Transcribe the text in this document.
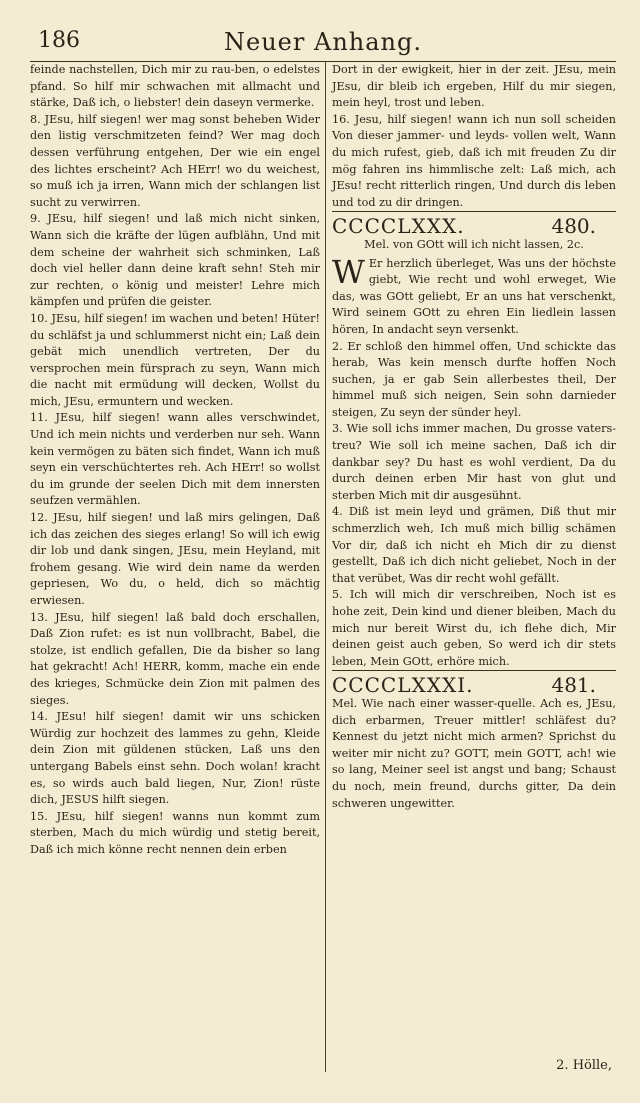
186	Neuer Anhang.

feinde nachstellen, Dich mir zu rau-ben, o edelstes pfand. So hilf mir schwachen mit allmacht und stärke, Daß ich, o liebster! dein daseyn vermerke.

8. JEsu, hilf siegen! wer mag sonst beheben Wider den listig verschmitzeten feind? Wer mag doch dessen verführung entgehen, Der wie ein engel des lichtes erscheint? Ach HErr! wo du weichest, so muß ich ja irren, Wann mich der schlangen list sucht zu verwirren.

9. JEsu, hilf siegen! und laß mich nicht sinken, Wann sich die kräfte der lügen aufblähn, Und mit dem scheine der wahrheit sich schminken, Laß doch viel heller dann deine kraft sehn! Steh mir zur rechten, o könig und meister! Lehre mich kämpfen und prüfen die geister.

10. JEsu, hilf siegen! im wachen und beten! Hüter! du schläfst ja und schlummerst nicht ein; Laß dein gebät mich unendlich vertreten, Der du versprochen mein fürsprach zu seyn, Wann mich die nacht mit ermüdung will decken, Wollst du mich, JEsu, ermuntern und wecken.

11. JEsu, hilf siegen! wann alles verschwindet, Und ich mein nichts und verderben nur seh. Wann kein vermögen zu bäten sich findet, Wann ich muß seyn ein verschüchtertes reh. Ach HErr! so wollst du im grunde der seelen Dich mit dem innersten seufzen vermählen.

12. JEsu, hilf siegen! und laß mirs gelingen, Daß ich das zeichen des sieges erlang! So will ich ewig dir lob und dank singen, JEsu, mein Heyland, mit frohem gesang. Wie wird dein name da werden gepriesen, Wo du, o held, dich so mächtig erwiesen.

13. JEsu, hilf siegen! laß bald doch erschallen, Daß Zion rufet: es ist nun vollbracht, Babel, die stolze, ist endlich gefallen, Die da bisher so lang hat gekracht! Ach! HERR, komm, mache ein ende des krieges, Schmücke dein Zion mit palmen des sieges.

14. JEsu! hilf siegen! damit wir uns schicken Würdig zur hochzeit des lammes zu gehn, Kleide dein Zion mit güldenen stücken, Laß uns den untergang Babels einst sehn. Doch wolan! kracht es, so wirds auch bald liegen, Nur, Zion! rüste dich, JESUS hilft siegen.

15. JEsu, hilf siegen! wanns nun kommt zum sterben, Mach du mich würdig und stetig bereit, Daß ich mich könne recht nennen dein erben

Dort in der ewigkeit, hier in der zeit. JEsu, mein JEsu, dir bleib ich ergeben, Hilf du mir siegen, mein heyl, trost und leben.

16. Jesu, hilf siegen! wann ich nun soll scheiden Von dieser jammer- und leyds- vollen welt, Wann du mich rufest, gieb, daß ich mit freuden Zu dir mög fahren ins himmlische zelt: Laß mich, ach JEsu! recht ritterlich ringen, Und durch dis leben und tod zu dir dringen.

CCCCLXXX.	480.

Mel. von GOtt will ich nicht lassen, 2c.

W Er herzlich überleget, Was uns der höchste giebt, Wie recht und wohl erweget, Wie das, was GOtt geliebt, Er an uns hat verschenkt, Wird seinem GOtt zu ehren Ein liedlein lassen hören, In andacht seyn versenkt.

2. Er schloß den himmel offen, Und schickte das herab, Was kein mensch durfte hoffen Noch suchen, ja er gab Sein allerbestes theil, Der himmel muß sich neigen, Sein sohn darnieder steigen, Zu seyn der sünder heyl.

3. Wie soll ichs immer machen, Du grosse vaters-treu? Wie soll ich meine sachen, Daß ich dir dankbar sey? Du hast es wohl verdient, Da du durch deinen erben Mir hast von glut und sterben Mich mit dir ausgesühnt.

4. Diß ist mein leyd und grämen, Diß thut mir schmerzlich weh, Ich muß mich billig schämen Vor dir, daß ich nicht eh Mich dir zu dienst gestellt, Daß ich dich nicht geliebet, Noch in der that verübet, Was dir recht wohl gefällt.

5. Ich will mich dir verschreiben, Noch ist es hohe zeit, Dein kind und diener bleiben, Mach du mich nur bereit Wirst du, ich flehe dich, Mir deinen geist auch geben, So werd ich dir stets leben, Mein GOtt, erhöre mich.

CCCCLXXXI.	481.

Mel. Wie nach einer wasser-quelle. Ach es, JEsu, dich erbarmen, Treuer mittler! schläfest du? Kennest du jetzt nicht mich armen? Sprichst du weiter mir nicht zu? GOTT, mein GOTT, ach! wie so lang, Meiner seel ist angst und bang; Schaust du noch, mein freund, durchs gitter, Da dein schweren ungewitter.

2. Hölle,
